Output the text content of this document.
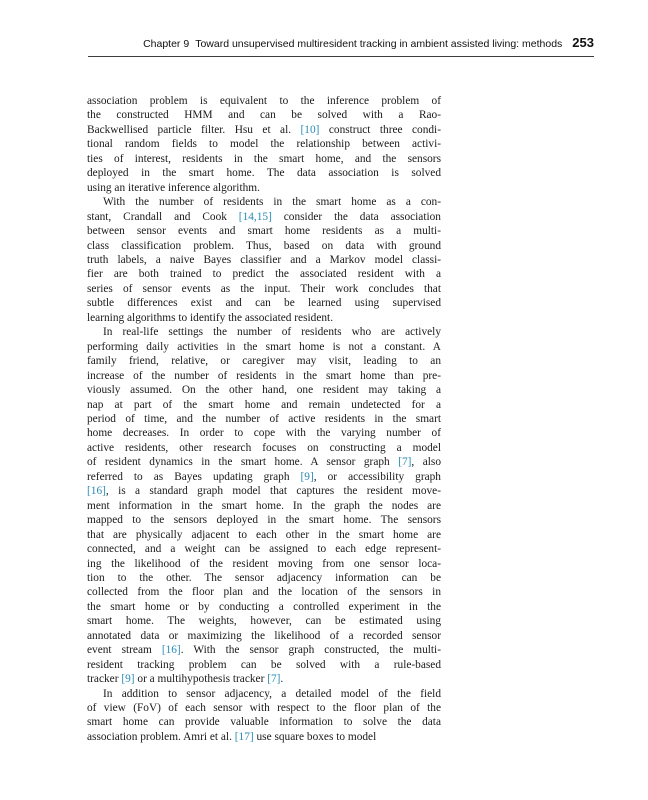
Chapter 9 Toward unsupervised multiresident tracking in ambient assisted living: methods 253
association problem is equivalent to the inference problem of
the constructed HMM and can be solved with a Rao-
Backwellised particle filter. Hsu et al. [10] construct three condi-
tional random fields to model the relationship between activi-
ties of interest, residents in the smart home, and the sensors
deployed in the smart home. The data association is solved
using an iterative inference algorithm.
With the number of residents in the smart home as a con-
stant, Crandall and Cook [14,15] consider the data association
between sensor events and smart home residents as a multi-
class classification problem. Thus, based on data with ground
truth labels, a naive Bayes classifier and a Markov model classi-
fier are both trained to predict the associated resident with a
series of sensor events as the input. Their work concludes that
subtle differences exist and can be learned using supervised
learning algorithms to identify the associated resident.
In real-life settings the number of residents who are actively
performing daily activities in the smart home is not a constant. A
family friend, relative, or caregiver may visit, leading to an
increase of the number of residents in the smart home than pre-
viously assumed. On the other hand, one resident may taking a
nap at part of the smart home and remain undetected for a
period of time, and the number of active residents in the smart
home decreases. In order to cope with the varying number of
active residents, other research focuses on constructing a model
of resident dynamics in the smart home. A sensor graph [7], also
referred to as Bayes updating graph [9], or accessibility graph
[16], is a standard graph model that captures the resident move-
ment information in the smart home. In the graph the nodes are
mapped to the sensors deployed in the smart home. The sensors
that are physically adjacent to each other in the smart home are
connected, and a weight can be assigned to each edge represent-
ing the likelihood of the resident moving from one sensor loca-
tion to the other. The sensor adjacency information can be
collected from the floor plan and the location of the sensors in
the smart home or by conducting a controlled experiment in the
smart home. The weights, however, can be estimated using
annotated data or maximizing the likelihood of a recorded sensor
event stream [16]. With the sensor graph constructed, the multi-
resident tracking problem can be solved with a rule-based
tracker [9] or a multihypothesis tracker [7].
In addition to sensor adjacency, a detailed model of the field
of view (FoV) of each sensor with respect to the floor plan of the
smart home can provide valuable information to solve the data
association problem. Amri et al. [17] use square boxes to model
